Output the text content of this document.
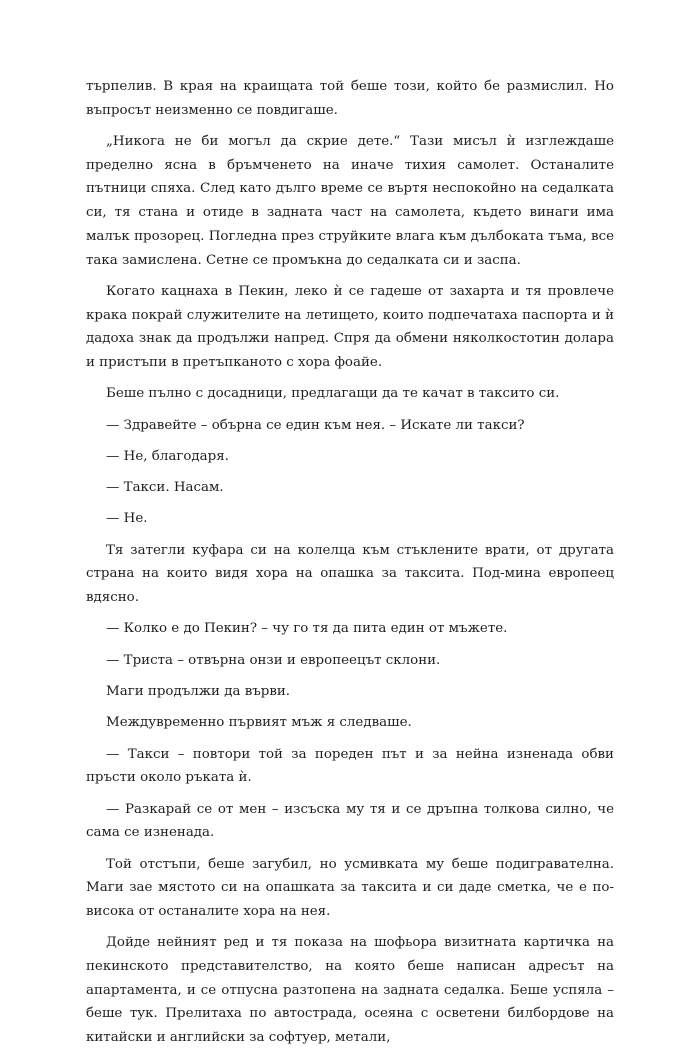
търпелив. В края на краищата той беше този, който бе размислил. Но въпросът неизменно се повдигаше.

„Никога не би могъл да скрие дете.“ Тази мисъл ѝ изглеждаше пределно ясна в бръмченето на иначе тихия самолет. Останалите пътници спяха. След като дълго време се въртя неспокойно на седалката си, тя стана и отиде в задната част на самолета, където винаги има малък прозорец. Погледна през струйките влага към дълбоката тъма, все така замислена. Сетне се промъкна до седалката си и заспа.

Когато кацнаха в Пекин, леко ѝ се гадеше от захарта и тя провлече крака покрай служителите на летището, които подпечатаха паспорта и ѝ дадоха знак да продължи напред. Спря да обмени няколкостотин долара и пристъпи в претъпканото с хора фоайе.

Беше пълно с досадници, предлагащи да те качат в таксито си.

— Здравейте – обърна се един към нея. – Искате ли такси?

— Не, благодаря.

— Такси. Насам.

— Не.

Тя затегли куфара си на колелца към стъклените врати, от другата страна на които видя хора на опашка за таксита. Под-мина европеец вдясно.

— Колко е до Пекин? – чу го тя да пита един от мъжете.

— Триста – отвърна онзи и европеецът склони.

Маги продължи да върви.

Междувременно първият мъж я следваше.

— Такси – повтори той за пореден път и за нейна изненада обви пръсти около ръката ѝ.

— Разкарай се от мен – изсъска му тя и се дръпна толкова силно, че сама се изненада.

Той отстъпи, беше загубил, но усмивката му беше подигравателна. Маги зае мястото си на опашката за таксита и си даде сметка, че е по-висока от останалите хора на нея.

Дойде нейният ред и тя показа на шофьора визитната картичка на пекинското представителство, на която беше написан адресът на апартамента, и се отпусна разтопена на задната седалка. Беше успяла – беше тук. Прелитаха по автострада, осеяна с осветени билбордове на китайски и английски за софтуер, метали,
